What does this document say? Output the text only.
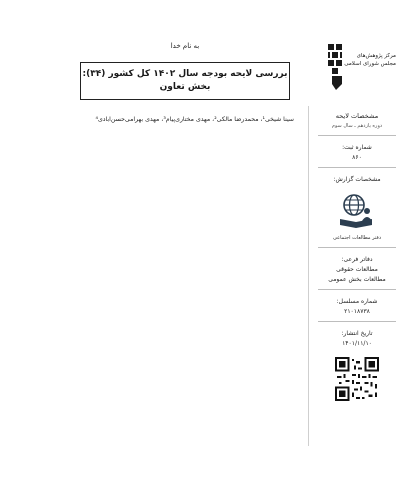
به نام خدا
بررسی لایحه بودجه سال ۱۴۰۲ کل کشور (۳۴):
بخش تعاون
سینا شیخی¹، محمدرضا مالکی²، مهدی مختاری‌پیام³، مهدی بهرامی‌حسن‌آبادی⁴
مرکز پژوهش‌های
مجلس شورای اسلامی
مشخصات لایحه
دوره یازدهم ـ سال سوم
شماره ثبت:
۸۶۰
مشخصات گزارش:
دفتر مطالعات اجتماعی
دفاتر فرعی:
مطالعات حقوقی
مطالعات بخش عمومی
شماره مسلسل:
۲۱۰۱۸۷۳۸
تاریخ انتشار:
۱۴۰۱/۱۱/۱۰
